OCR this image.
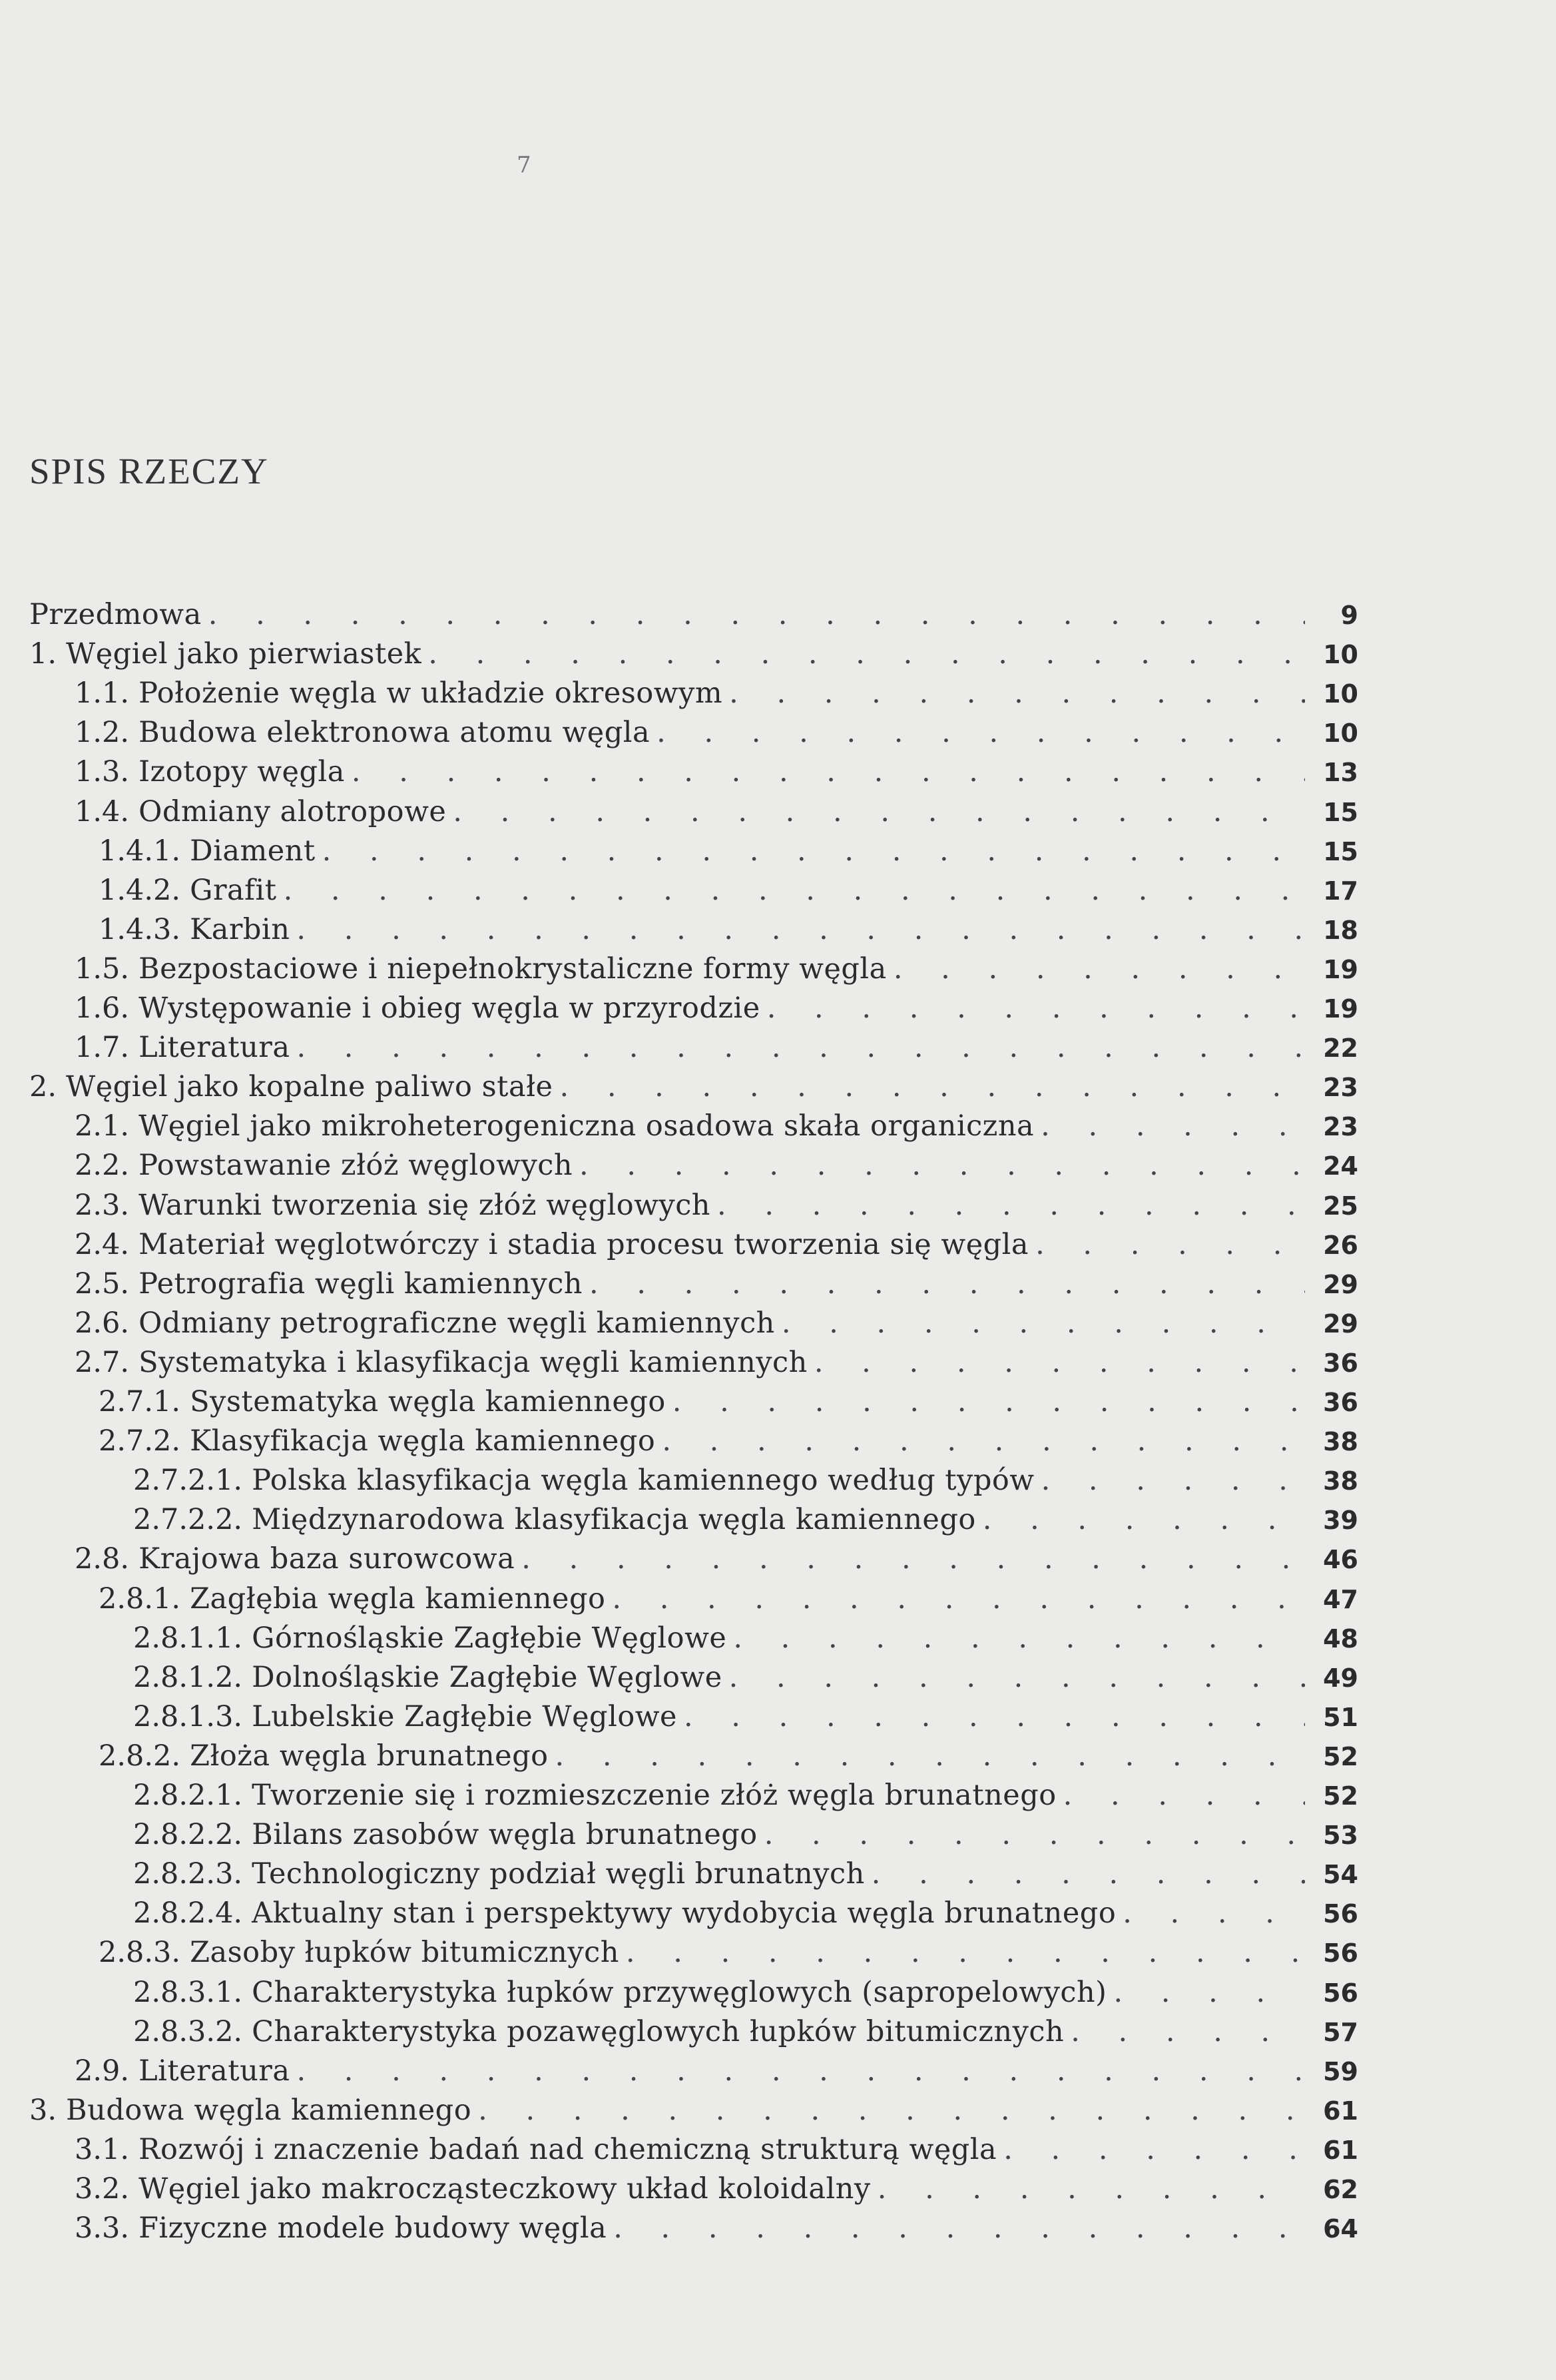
7
SPIS RZECZY
Przedmowa . . .	9
1. Węgiel jako pierwiastek . . .	10
1.1. Położenie węgla w układzie okresowym . . .	10
1.2. Budowa elektronowa atomu węgla . . .	10
1.3. Izotopy węgla . . .	13
1.4. Odmiany alotropowe . . .	15
1.4.1. Diament . . .	15
1.4.2. Grafit . . .	17
1.4.3. Karbin . . .	18
1.5. Bezpostaciowe i niepełnokrystaliczne formy węgla . . .	19
1.6. Występowanie i obieg węgla w przyrodzie . . .	19
1.7. Literatura . . .	22
2. Węgiel jako kopalne paliwo stałe . . .	23
2.1. Węgiel jako mikroheterogeniczna osadowa skała organiczna . . .	23
2.2. Powstawanie złóż węglowych . . .	24
2.3. Warunki tworzenia się złóż węglowych . . .	25
2.4. Materiał węglotwórczy i stadia procesu tworzenia się węgla . . .	26
2.5. Petrografia węgli kamiennych . . .	29
2.6. Odmiany petrograficzne węgli kamiennych . . .	29
2.7. Systematyka i klasyfikacja węgli kamiennych . . .	36
2.7.1. Systematyka węgla kamiennego . . .	36
2.7.2. Klasyfikacja węgla kamiennego . . .	38
2.7.2.1. Polska klasyfikacja węgla kamiennego według typów . . .	38
2.7.2.2. Międzynarodowa klasyfikacja węgla kamiennego . . .	39
2.8. Krajowa baza surowcowa . . .	46
2.8.1. Zagłębia węgla kamiennego . . .	47
2.8.1.1. Górnośląskie Zagłębie Węglowe . . .	48
2.8.1.2. Dolnośląskie Zagłębie Węglowe . . .	49
2.8.1.3. Lubelskie Zagłębie Węglowe . . .	51
2.8.2. Złoża węgla brunatnego . . .	52
2.8.2.1. Tworzenie się i rozmieszczenie złóż węgla brunatnego . . .	52
2.8.2.2. Bilans zasobów węgla brunatnego . . .	53
2.8.2.3. Technologiczny podział węgli brunatnych . . .	54
2.8.2.4. Aktualny stan i perspektywy wydobycia węgla brunatnego . . .	56
2.8.3. Zasoby łupków bitumicznych . . .	56
2.8.3.1. Charakterystyka łupków przywęglowych (sapropelowych) . . .	56
2.8.3.2. Charakterystyka pozawęglowych łupków bitumicznych . . .	57
2.9. Literatura . . .	59
3. Budowa węgla kamiennego . . .	61
3.1. Rozwój i znaczenie badań nad chemiczną strukturą węgla . . .	61
3.2. Węgiel jako makrocząsteczkowy układ koloidalny . . .	62
3.3. Fizyczne modele budowy węgla . . .	64
